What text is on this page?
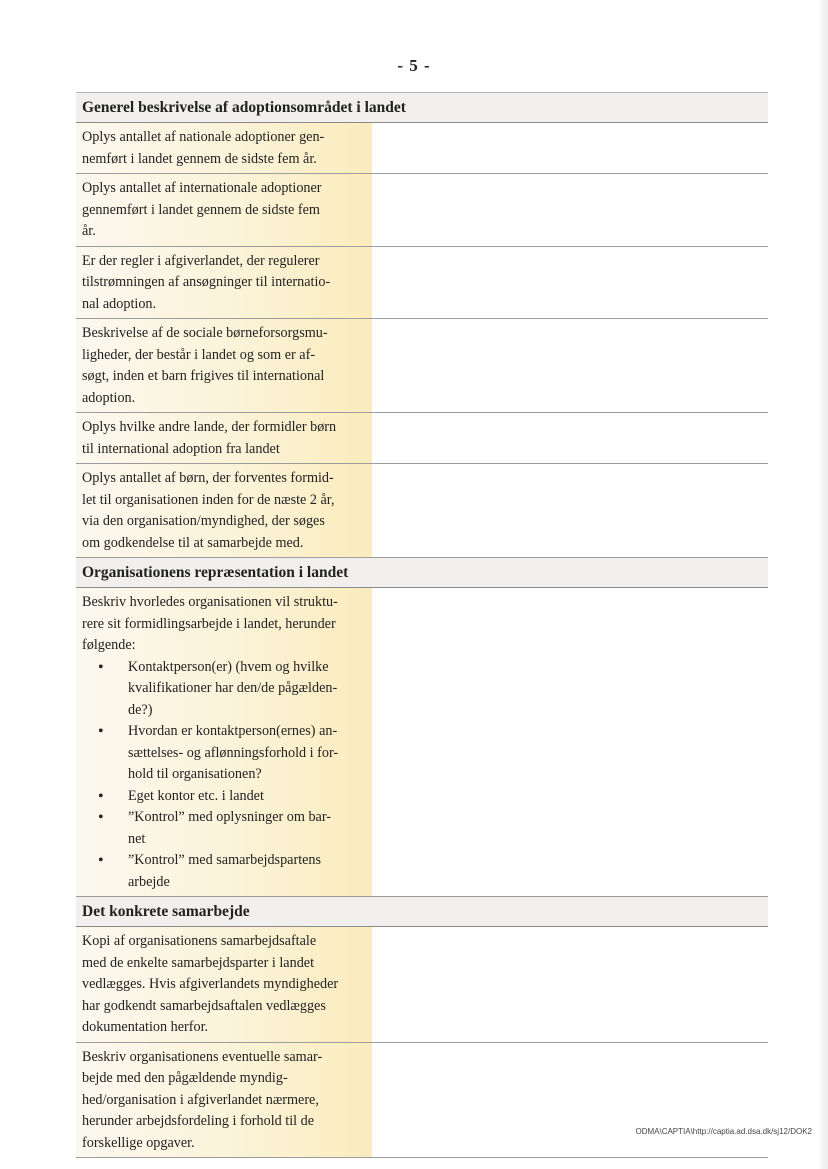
- 5 -
Generel beskrivelse af adoptionsområdet i landet
Oplys antallet af nationale adoptioner gen-
nemført i landet gennem de sidste fem år.
Oplys antallet af internationale adoptioner
gennemført i landet gennem de sidste fem
år.
Er der regler i afgiverlandet, der regulerer
tilstrømningen af ansøgninger til internatio-
nal adoption.
Beskrivelse af de sociale børneforsorgsmu-
ligheder, der består i landet og som er af-
søgt, inden et barn frigives til international
adoption.
Oplys hvilke andre lande, der formidler børn
til international adoption fra landet
Oplys antallet af børn, der forventes formid-
let til organisationen inden for de næste 2 år,
via den organisation/myndighed, der søges
om godkendelse til at samarbejde med.
Organisationens repræsentation i landet
Beskriv hvorledes organisationen vil struktu-
rere sit formidlingsarbejde i landet, herunder
følgende:
• Kontaktperson(er) (hvem og hvilke
kvalifikationer har den/de pågælden-
de?)
• Hvordan er kontaktperson(ernes) an-
sættelses- og aflønningsforhold i for-
hold til organisationen?
• Eget kontor etc. i landet
• ”Kontrol” med oplysninger om bar-
net
• ”Kontrol” med samarbejdspartens
arbejde
Det konkrete samarbejde
Kopi af organisationens samarbejdsaftale
med de enkelte samarbejdsparter i landet
vedlægges. Hvis afgiverlandets myndigheder
har godkendt samarbejdsaftalen vedlægges
dokumentation herfor.
Beskriv organisationens eventuelle samar-
bejde med den pågældende myndig-
hed/organisation i afgiverlandet nærmere,
herunder arbejdsfordeling i forhold til de
forskellige opgaver.
ODMA\CAPTIA\http://captia.ad.dsa.dk/sj12/DOK2
